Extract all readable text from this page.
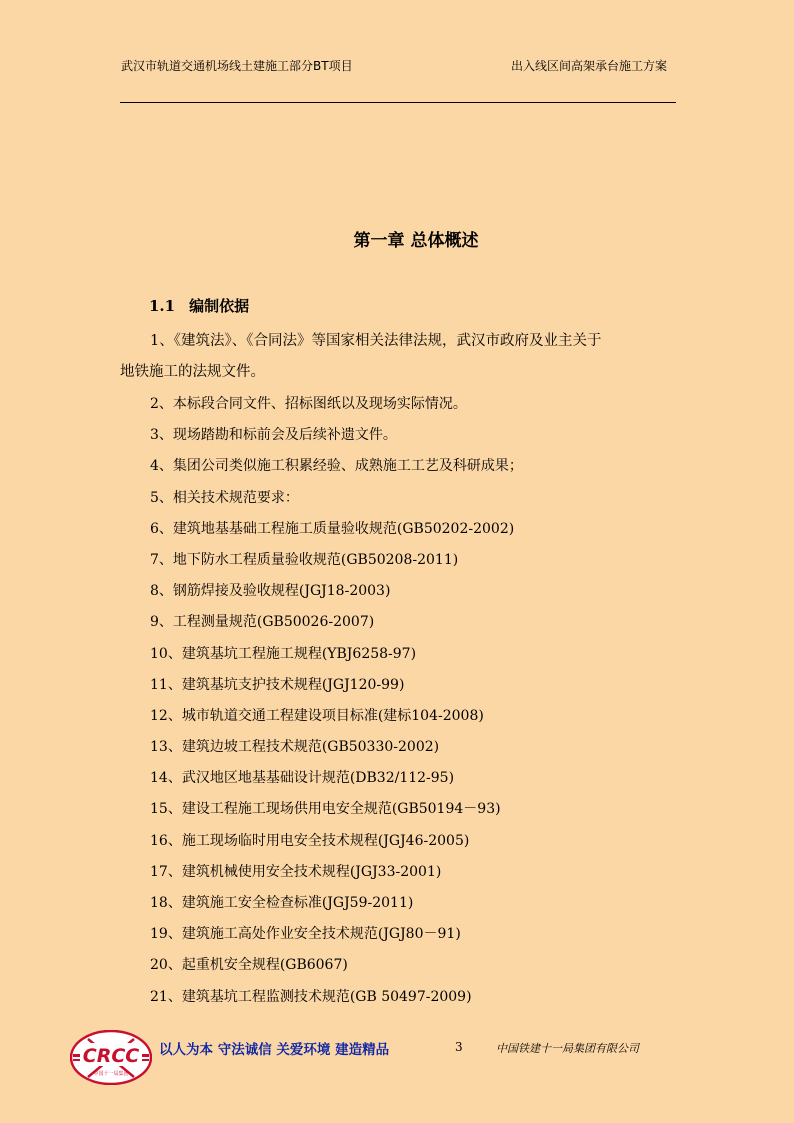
武汉市轨道交通机场线土建施工部分BT项目	出入线区间高架承台施工方案
第一章 总体概述
1.1 编制依据
1、《建筑法》、《合同法》等国家相关法律法规，武汉市政府及业主关于
地铁施工的法规文件。
2、本标段合同文件、招标图纸以及现场实际情况。
3、现场踏勘和标前会及后续补遗文件。
4、集团公司类似施工积累经验、成熟施工工艺及科研成果；
5、相关技术规范要求：
6、建筑地基基础工程施工质量验收规范(GB50202-2002)
7、地下防水工程质量验收规范(GB50208-2011)
8、钢筋焊接及验收规程(JGJ18-2003)
9、工程测量规范(GB50026-2007)
10、建筑基坑工程施工规程(YBJ6258-97)
11、建筑基坑支护技术规程(JGJ120-99)
12、城市轨道交通工程建设项目标准(建标104-2008)
13、建筑边坡工程技术规范(GB50330-2002)
14、武汉地区地基基础设计规范(DB32/112-95)
15、建设工程施工现场供用电安全规范(GB50194－93)
16、施工现场临时用电安全技术规程(JGJ46-2005)
17、建筑机械使用安全技术规程(JGJ33-2001)
18、建筑施工安全检查标准(JGJ59-2011)
19、建筑施工高处作业安全技术规范(JGJ80－91)
20、起重机安全规程(GB6067)
21、建筑基坑工程监测技术规范(GB 50497-2009)
CRCC
中国十一局集团
以人为本 守法诚信 关爱环境 建造精品	3	中国铁建十一局集团有限公司
